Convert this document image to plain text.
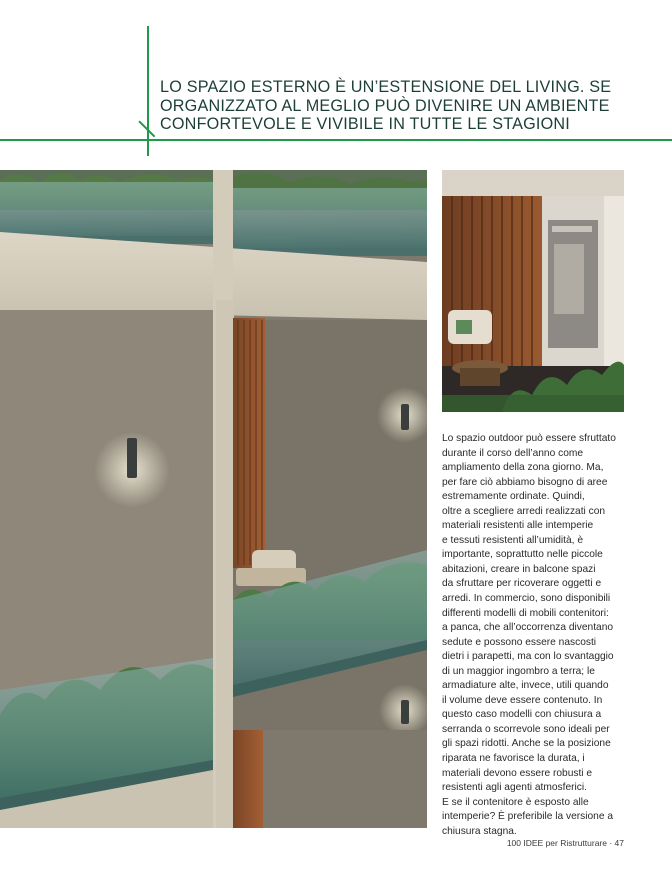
LO SPAZIO ESTERNO È UN’ESTENSIONE DEL LIVING. SE ORGANIZZATO AL MEGLIO PUÒ DIVENIRE UN AMBIENTE CONFORTEVOLE E VIVIBILE IN TUTTE LE STAGIONI

Lo spazio outdoor può essere sfruttato
durante il corso dell’anno come
ampliamento della zona giorno. Ma,
per fare ciò abbiamo bisogno di aree
estremamente ordinate. Quindi,
oltre a scegliere arredi realizzati con
materiali resistenti alle intemperie
e tessuti resistenti all’umidità, è
importante, soprattutto nelle piccole
abitazioni, creare in balcone spazi
da sfruttare per ricoverare oggetti e
arredi. In commercio, sono disponibili
differenti modelli di mobili contenitori:
a panca, che all’occorrenza diventano
sedute e possono essere nascosti
dietri i parapetti, ma con lo svantaggio
di un maggior ingombro a terra; le
armadiature alte, invece, utili quando
il volume deve essere contenuto. In
questo caso modelli con chiusura a
serranda o scorrevole sono ideali per
gli spazi ridotti. Anche se la posizione
riparata ne favorisce la durata, i
materiali devono essere robusti e
resistenti agli agenti atmosferici.
E se il contenitore è esposto alle
intemperie? È preferibile la versione a
chiusura stagna.

100 IDEE per Ristrutturare · 47
